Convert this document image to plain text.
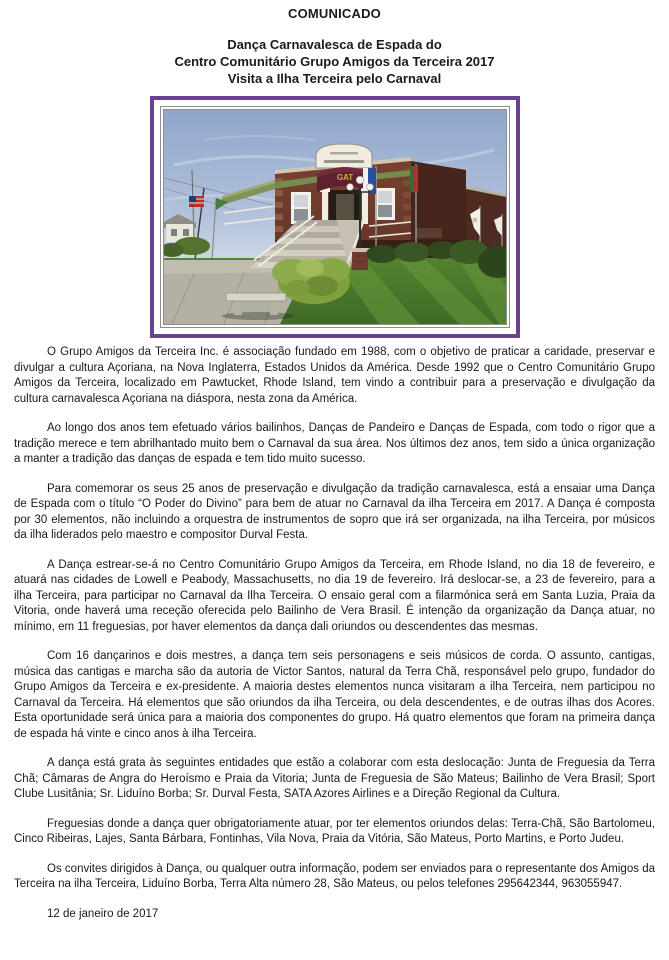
COMUNICADO
Dança Carnavalesca de Espada do
Centro Comunitário Grupo Amigos da Terceira 2017
Visita a Ilha Terceira pelo Carnaval
GAT

O Grupo Amigos da Terceira Inc. é associação fundado em 1988, com o objetivo de praticar a caridade, preservar e divulgar a cultura Açoriana, na Nova Inglaterra, Estados Unidos da América. Desde 1992 que o Centro Comunitário Grupo Amigos da Terceira, localizado em Pawtucket, Rhode Island, tem vindo a contribuir para a preservação e divulgação da cultura carnavalesca Açoriana na diáspora, nesta zona da América.

Ao longo dos anos tem efetuado vários bailinhos, Danças de Pandeiro e Danças de Espada, com todo o rigor que a tradição merece e tem abrilhantado muito bem o Carnaval da sua área. Nos últimos dez anos, tem sido a única organização a manter a tradição das danças de espada e tem tido muito sucesso.

Para comemorar os seus 25 anos de preservação e divulgação da tradição carnavalesca, está a ensaiar uma Dança de Espada com o título “O Poder do Divino” para bem de atuar no Carnaval da ilha Terceira em 2017. A Dança é composta por 30 elementos, não incluindo a orquestra de instrumentos de sopro que irá ser organizada, na ilha Terceira, por músicos da ilha liderados pelo maestro e compositor Durval Festa.

A Dança estrear-se-á no Centro Comunitário Grupo Amigos da Terceira, em Rhode Island, no dia 18 de fevereiro, e atuará nas cidades de Lowell e Peabody, Massachusetts, no dia 19 de fevereiro. Irá deslocar-se, a 23 de fevereiro, para a ilha Terceira, para participar no Carnaval da Ilha Terceira. O ensaio geral com a filarmónica será em Santa Luzia, Praia da Vitoria, onde haverá uma receção oferecida pelo Bailinho de Vera Brasil. É intenção da organização da Dança atuar, no mínimo, em 11 freguesias, por haver elementos da dança dali oriundos ou descendentes das mesmas.

Com 16 dançarinos e dois mestres, a dança tem seis personagens e seis músicos de corda. O assunto, cantigas, música das cantigas e marcha são da autoria de Victor Santos, natural da Terra Chã, responsável pelo grupo, fundador do Grupo Amigos da Terceira e ex-presidente. A maioria destes elementos nunca visitaram a ilha Terceira, nem participou no Carnaval da Terceira. Há elementos que são oriundos da ilha Terceira, ou dela descendentes, e de outras ilhas dos Acores. Esta oportunidade será única para a maioria dos componentes do grupo. Há quatro elementos que foram na primeira dança de espada há vinte e cinco anos à ilha Terceira.

A dança está grata às seguintes entidades que estão a colaborar com esta deslocação: Junta de Freguesia da Terra Chã; Câmaras de Angra do Heroísmo e Praia da Vitoria; Junta de Freguesia de São Mateus; Bailinho de Vera Brasil; Sport Clube Lusitânia; Sr. Liduíno Borba; Sr. Durval Festa, SATA Azores Airlines e a Direção Regional da Cultura.

Freguesias donde a dança quer obrigatoriamente atuar, por ter elementos oriundos delas: Terra-Chã, São Bartolomeu, Cinco Ribeiras, Lajes, Santa Bárbara, Fontinhas, Vila Nova, Praia da Vitória, São Mateus, Porto Martins, e Porto Judeu.

Os convites dirigidos à Dança, ou qualquer outra informação, podem ser enviados para o representante dos Amigos da Terceira na ilha Terceira, Liduíno Borba, Terra Alta número 28, São Mateus, ou pelos telefones 295642344, 963055947.

12 de janeiro de 2017
